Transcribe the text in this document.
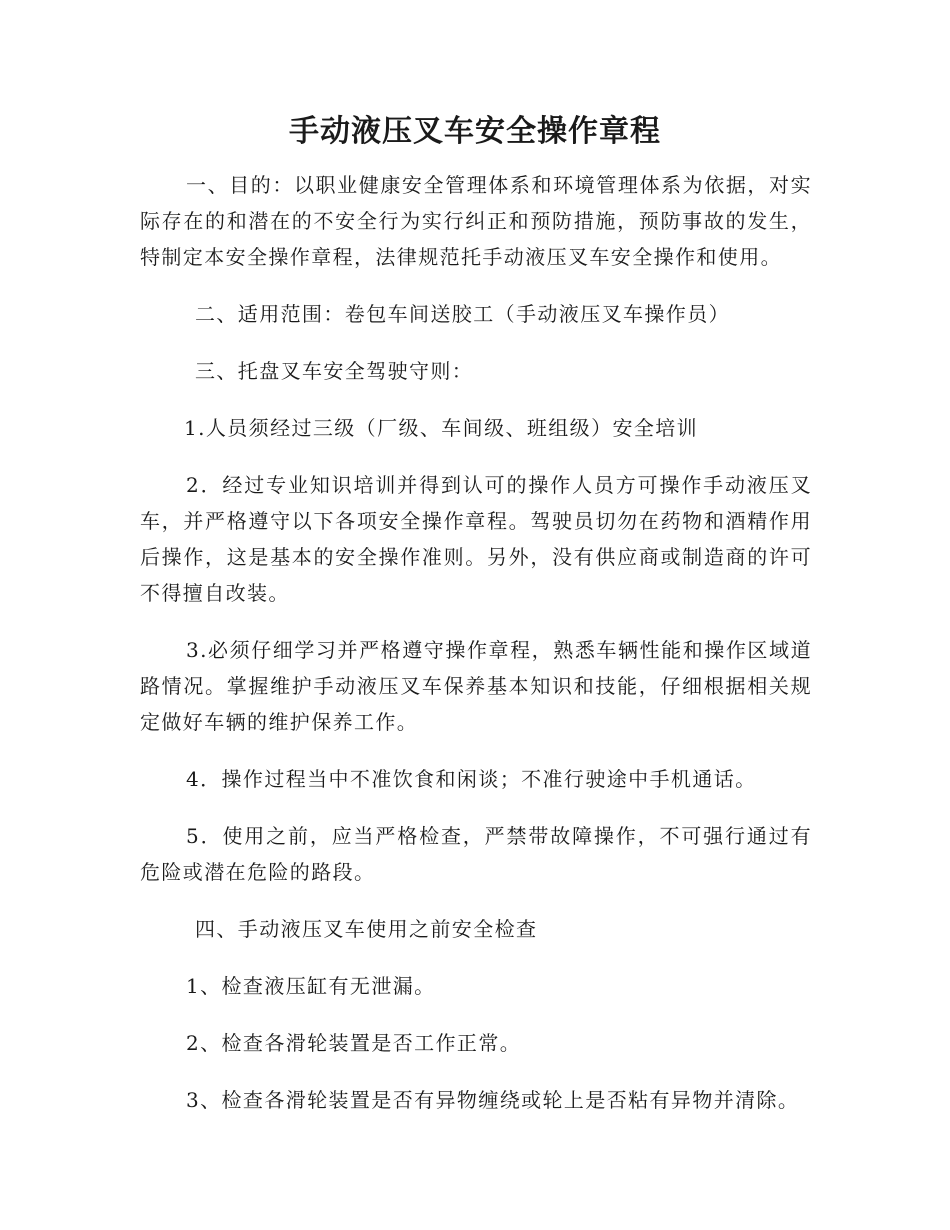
手动液压叉车安全操作章程

一、目的：以职业健康安全管理体系和环境管理体系为依据，对实际存在的和潜在的不安全行为实行纠正和预防措施，预防事故的发生，特制定本安全操作章程，法律规范托手动液压叉车安全操作和使用。

二、适用范围：卷包车间送胶工（手动液压叉车操作员）

三、托盘叉车安全驾驶守则：

1.人员须经过三级（厂级、车间级、班组级）安全培训

2．经过专业知识培训并得到认可的操作人员方可操作手动液压叉车，并严格遵守以下各项安全操作章程。驾驶员切勿在药物和酒精作用后操作，这是基本的安全操作准则。另外，没有供应商或制造商的许可不得擅自改装。

3.必须仔细学习并严格遵守操作章程，熟悉车辆性能和操作区域道路情况。掌握维护手动液压叉车保养基本知识和技能，仔细根据相关规定做好车辆的维护保养工作。

4．操作过程当中不准饮食和闲谈；不准行驶途中手机通话。

5．使用之前，应当严格检查，严禁带故障操作，不可强行通过有危险或潜在危险的路段。

四、手动液压叉车使用之前安全检查

1、检查液压缸有无泄漏。

2、检查各滑轮装置是否工作正常。

3、检查各滑轮装置是否有异物缠绕或轮上是否粘有异物并清除。
